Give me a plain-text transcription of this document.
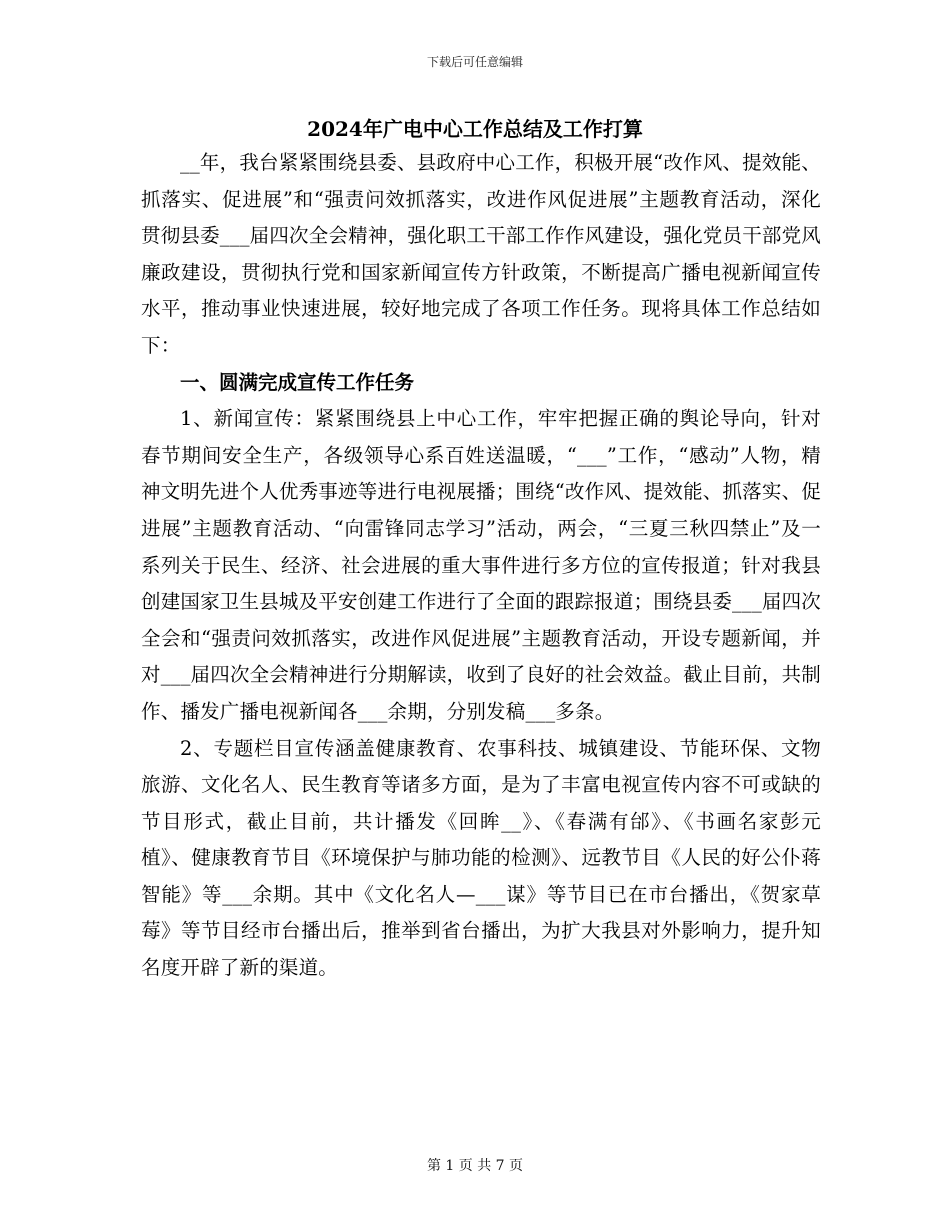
下载后可任意编辑
2024年广电中心工作总结及工作打算

__年，我台紧紧围绕县委、县政府中心工作，积极开展“改作风、提效能、抓落实、促进展”和“强责问效抓落实，改进作风促进展”主题教育活动，深化贯彻县委___届四次全会精神，强化职工干部工作作风建设，强化党员干部党风廉政建设，贯彻执行党和国家新闻宣传方针政策，不断提高广播电视新闻宣传水平，推动事业快速进展，较好地完成了各项工作任务。现将具体工作总结如下：

一、圆满完成宣传工作任务

1、新闻宣传：紧紧围绕县上中心工作，牢牢把握正确的舆论导向，针对春节期间安全生产，各级领导心系百姓送温暖，“___”工作，“感动”人物，精神文明先进个人优秀事迹等进行电视展播；围绕“改作风、提效能、抓落实、促进展”主题教育活动、“向雷锋同志学习”活动，两会，“三夏三秋四禁止”及一系列关于民生、经济、社会进展的重大事件进行多方位的宣传报道；针对我县创建国家卫生县城及平安创建工作进行了全面的跟踪报道；围绕县委___届四次全会和“强责问效抓落实，改进作风促进展”主题教育活动，开设专题新闻，并对___届四次全会精神进行分期解读，收到了良好的社会效益。截止目前，共制作、播发广播电视新闻各___余期，分别发稿___多条。

2、专题栏目宣传涵盖健康教育、农事科技、城镇建设、节能环保、文物旅游、文化名人、民生教育等诸多方面，是为了丰富电视宣传内容不可或缺的节目形式，截止目前，共计播发《回眸__》、《春满有邰》、《书画名家彭元植》、健康教育节目《环境保护与肺功能的检测》、远教节目《人民的好公仆蒋智能》等___余期。其中《文化名人—___谋》等节目已在市台播出，《贺家草莓》等节目经市台播出后，推举到省台播出，为扩大我县对外影响力，提升知名度开辟了新的渠道。

第 1 页 共 7 页
